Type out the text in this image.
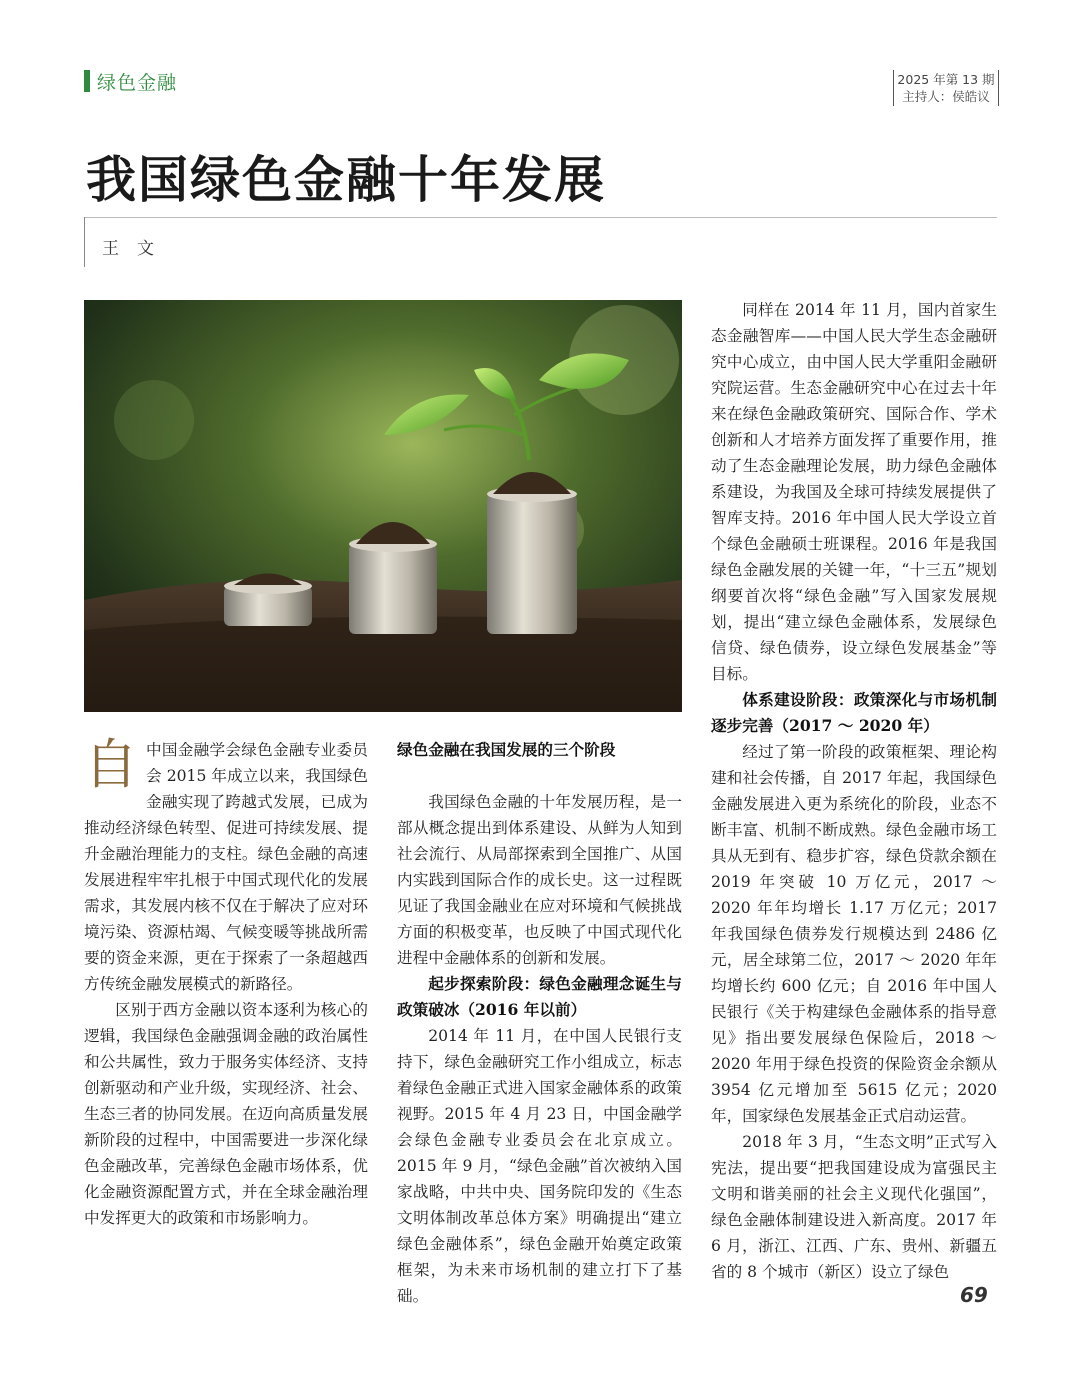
绿色金融	2025 年第 13 期
主持人：侯皓议
我国绿色金融十年发展
王文
自 中国金融学会绿色金融专业委员会 2015 年成立以来，我国绿色金融实现了跨越式发展，已成为推动经济绿色转型、促进可持续发展、提升金融治理能力的支柱。绿色金融的高速发展进程牢牢扎根于中国式现代化的发展需求，其发展内核不仅在于解决了应对环境污染、资源枯竭、气候变暖等挑战所需要的资金来源，更在于探索了一条超越西方传统金融发展模式的新路径。

区别于西方金融以资本逐利为核心的逻辑，我国绿色金融强调金融的政治属性和公共属性，致力于服务实体经济、支持创新驱动和产业升级，实现经济、社会、生态三者的协同发展。在迈向高质量发展新阶段的过程中，中国需要进一步深化绿色金融改革，完善绿色金融市场体系，优化金融资源配置方式，并在全球金融治理中发挥更大的政策和市场影响力。

绿色金融在我国发展的三个阶段

我国绿色金融的十年发展历程，是一部从概念提出到体系建设、从鲜为人知到社会流行、从局部探索到全国推广、从国内实践到国际合作的成长史。这一过程既见证了我国金融业在应对环境和气候挑战方面的积极变革，也反映了中国式现代化进程中金融体系的创新和发展。

起步探索阶段：绿色金融理念诞生与政策破冰（2016 年以前）

2014 年 11 月，在中国人民银行支持下，绿色金融研究工作小组成立，标志着绿色金融正式进入国家金融体系的政策视野。2015 年 4 月 23 日，中国金融学会绿色金融专业委员会在北京成立。2015 年 9 月，“绿色金融”首次被纳入国家战略，中共中央、国务院印发的《生态文明体制改革总体方案》明确提出“建立绿色金融体系”，绿色金融开始奠定政策框架，为未来市场机制的建立打下了基础。

同样在 2014 年 11 月，国内首家生态金融智库——中国人民大学生态金融研究中心成立，由中国人民大学重阳金融研究院运营。生态金融研究中心在过去十年来在绿色金融政策研究、国际合作、学术创新和人才培养方面发挥了重要作用，推动了生态金融理论发展，助力绿色金融体系建设，为我国及全球可持续发展提供了智库支持。2016 年中国人民大学设立首个绿色金融硕士班课程。2016 年是我国绿色金融发展的关键一年，“十三五”规划纲要首次将“绿色金融”写入国家发展规划，提出“建立绿色金融体系，发展绿色信贷、绿色债券，设立绿色发展基金”等目标。

体系建设阶段：政策深化与市场机制逐步完善（2017 ～ 2020 年）

经过了第一阶段的政策框架、理论构建和社会传播，自 2017 年起，我国绿色金融发展进入更为系统化的阶段，业态不断丰富、机制不断成熟。绿色金融市场工具从无到有、稳步扩容，绿色贷款余额在 2019 年突破 10 万亿元，2017 ～ 2020 年年均增长 1.17 万亿元；2017 年我国绿色债券发行规模达到 2486 亿元，居全球第二位，2017 ～ 2020 年年均增长约 600 亿元；自 2016 年中国人民银行《关于构建绿色金融体系的指导意见》指出要发展绿色保险后，2018 ～ 2020 年用于绿色投资的保险资金余额从 3954 亿元增加至 5615 亿元；2020 年，国家绿色发展基金正式启动运营。

2018 年 3 月，“生态文明”正式写入宪法，提出要“把我国建设成为富强民主文明和谐美丽的社会主义现代化强国”，绿色金融体制建设进入新高度。2017 年 6 月，浙江、江西、广东、贵州、新疆五省的 8 个城市（新区）设立了绿色

69
